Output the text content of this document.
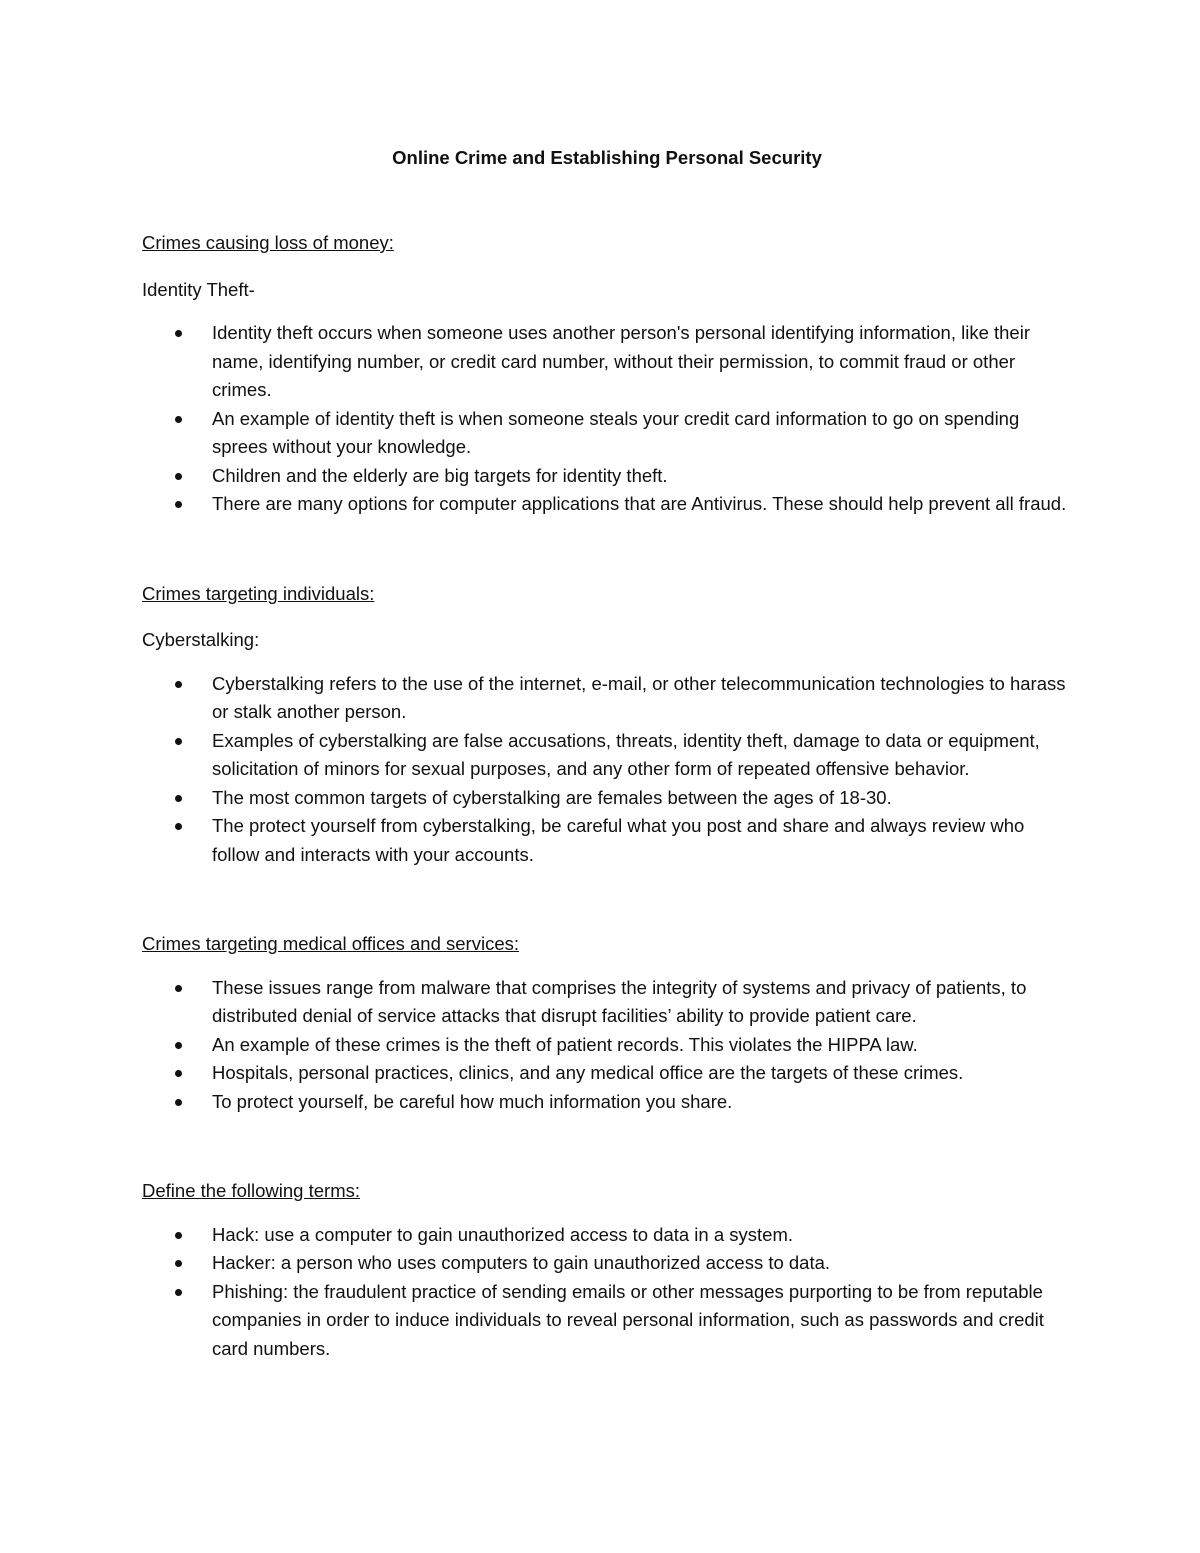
Online Crime and Establishing Personal Security

Crimes causing loss of money:

Identity Theft-

Identity theft occurs when someone uses another person's personal identifying information, like their name, identifying number, or credit card number, without their permission, to commit fraud or other crimes.
An example of identity theft is when someone steals your credit card information to go on spending sprees without your knowledge.
Children and the elderly are big targets for identity theft.
There are many options for computer applications that are Antivirus. These should help prevent all fraud.

Crimes targeting individuals:

Cyberstalking:

Cyberstalking refers to the use of the internet, e-mail, or other telecommunication technologies to harass or stalk another person.
Examples of cyberstalking are false accusations, threats, identity theft, damage to data or equipment, solicitation of minors for sexual purposes, and any other form of repeated offensive behavior.
The most common targets of cyberstalking are females between the ages of 18-30.
The protect yourself from cyberstalking, be careful what you post and share and always review who follow and interacts with your accounts.

Crimes targeting medical offices and services:

These issues range from malware that comprises the integrity of systems and privacy of patients, to distributed denial of service attacks that disrupt facilities’ ability to provide patient care.
An example of these crimes is the theft of patient records. This violates the HIPPA law.
Hospitals, personal practices, clinics, and any medical office are the targets of these crimes.
To protect yourself, be careful how much information you share.

Define the following terms:

Hack: use a computer to gain unauthorized access to data in a system.
Hacker: a person who uses computers to gain unauthorized access to data.
Phishing: the fraudulent practice of sending emails or other messages purporting to be from reputable companies in order to induce individuals to reveal personal information, such as passwords and credit card numbers.
